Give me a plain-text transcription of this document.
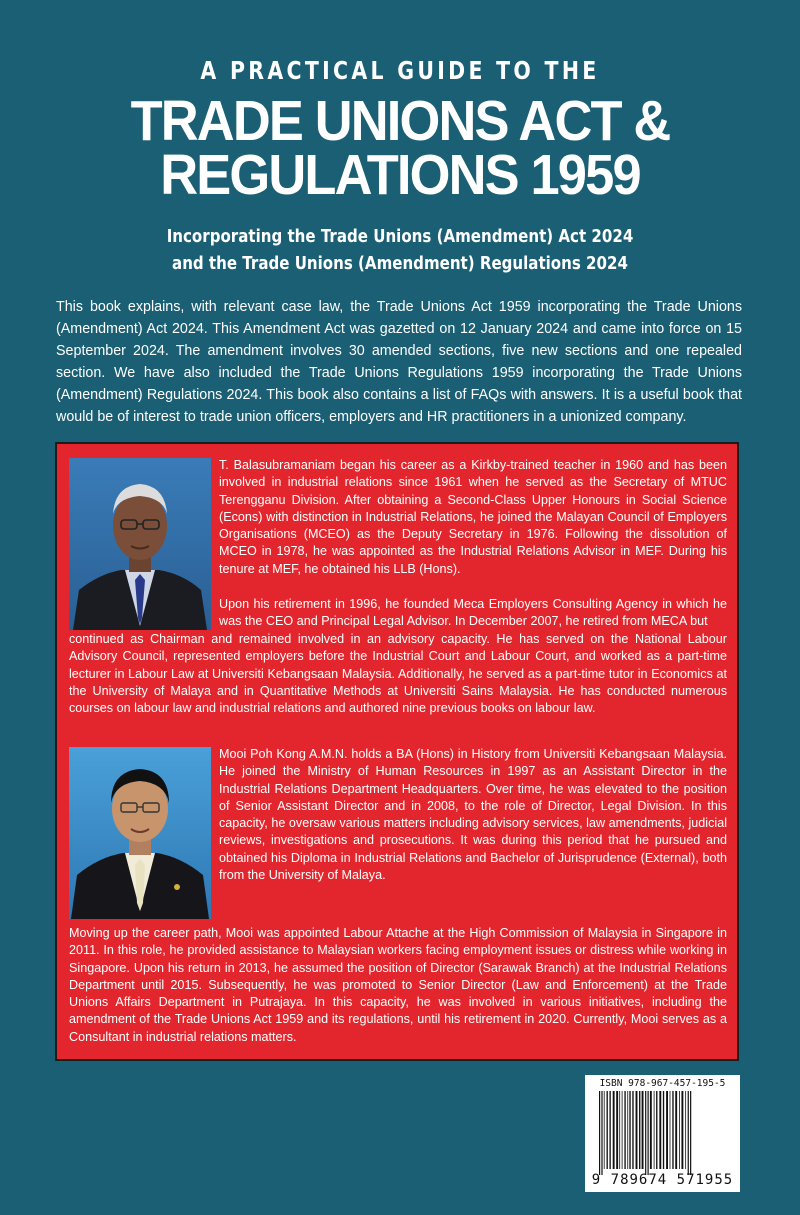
A PRACTICAL GUIDE TO THE
TRADE UNIONS ACT &
REGULATIONS 1959
Incorporating the Trade Unions (Amendment) Act 2024
and the Trade Unions (Amendment) Regulations 2024
This book explains, with relevant case law, the Trade Unions Act 1959 incorporating the Trade Unions (Amendment) Act 2024. This Amendment Act was gazetted on 12 January 2024 and came into force on 15 September 2024. The amendment involves 30 amended sections, five new sections and one repealed section. We have also included the Trade Unions Regulations 1959 incorporating the Trade Unions (Amendment) Regulations 2024. This book also contains a list of FAQs with answers. It is a useful book that would be of interest to trade union officers, employers and HR practitioners in a unionized company.
T. Balasubramaniam began his career as a Kirkby-trained teacher in 1960 and has been involved in industrial relations since 1961 when he served as the Secretary of MTUC Terengganu Division. After obtaining a Second-Class Upper Honours in Social Science (Econs) with distinction in Industrial Relations, he joined the Malayan Council of Employers Organisations (MCEO) as the Deputy Secretary in 1976. Following the dissolution of MCEO in 1978, he was appointed as the Industrial Relations Advisor in MEF. During his tenure at MEF, he obtained his LLB (Hons).
Upon his retirement in 1996, he founded Meca Employers Consulting Agency in which he was the CEO and Principal Legal Advisor. In December 2007, he retired from MECA but
continued as Chairman and remained involved in an advisory capacity. He has served on the National Labour Advisory Council, represented employers before the Industrial Court and Labour Court, and worked as a part-time lecturer in Labour Law at Universiti Kebangsaan Malaysia. Additionally, he served as a part-time tutor in Economics at the University of Malaya and in Quantitative Methods at Universiti Sains Malaysia. He has conducted numerous courses on labour law and industrial relations and authored nine previous books on labour law.
Mooi Poh Kong A.M.N. holds a BA (Hons) in History from Universiti Kebangsaan Malaysia. He joined the Ministry of Human Resources in 1997 as an Assistant Director in the Industrial Relations Department Headquarters. Over time, he was elevated to the position of Senior Assistant Director and in 2008, to the role of Director, Legal Division. In this capacity, he oversaw various matters including advisory services, law amendments, judicial reviews, investigations and prosecutions. It was during this period that he pursued and obtained his Diploma in Industrial Relations and Bachelor of Jurisprudence (External), both from the University of Malaya.
Moving up the career path, Mooi was appointed Labour Attache at the High Commission of Malaysia in Singapore in 2011. In this role, he provided assistance to Malaysian workers facing employment issues or distress while working in Singapore. Upon his return in 2013, he assumed the position of Director (Sarawak Branch) at the Industrial Relations Department until 2015. Subsequently, he was promoted to Senior Director (Law and Enforcement) at the Trade Unions Affairs Department in Putrajaya. In this capacity, he was involved in various initiatives, including the amendment of the Trade Unions Act 1959 and its regulations, until his retirement in 2020. Currently, Mooi serves as a Consultant in industrial relations matters.
ISBN 978-967-457-195-5
9 789674 571955
